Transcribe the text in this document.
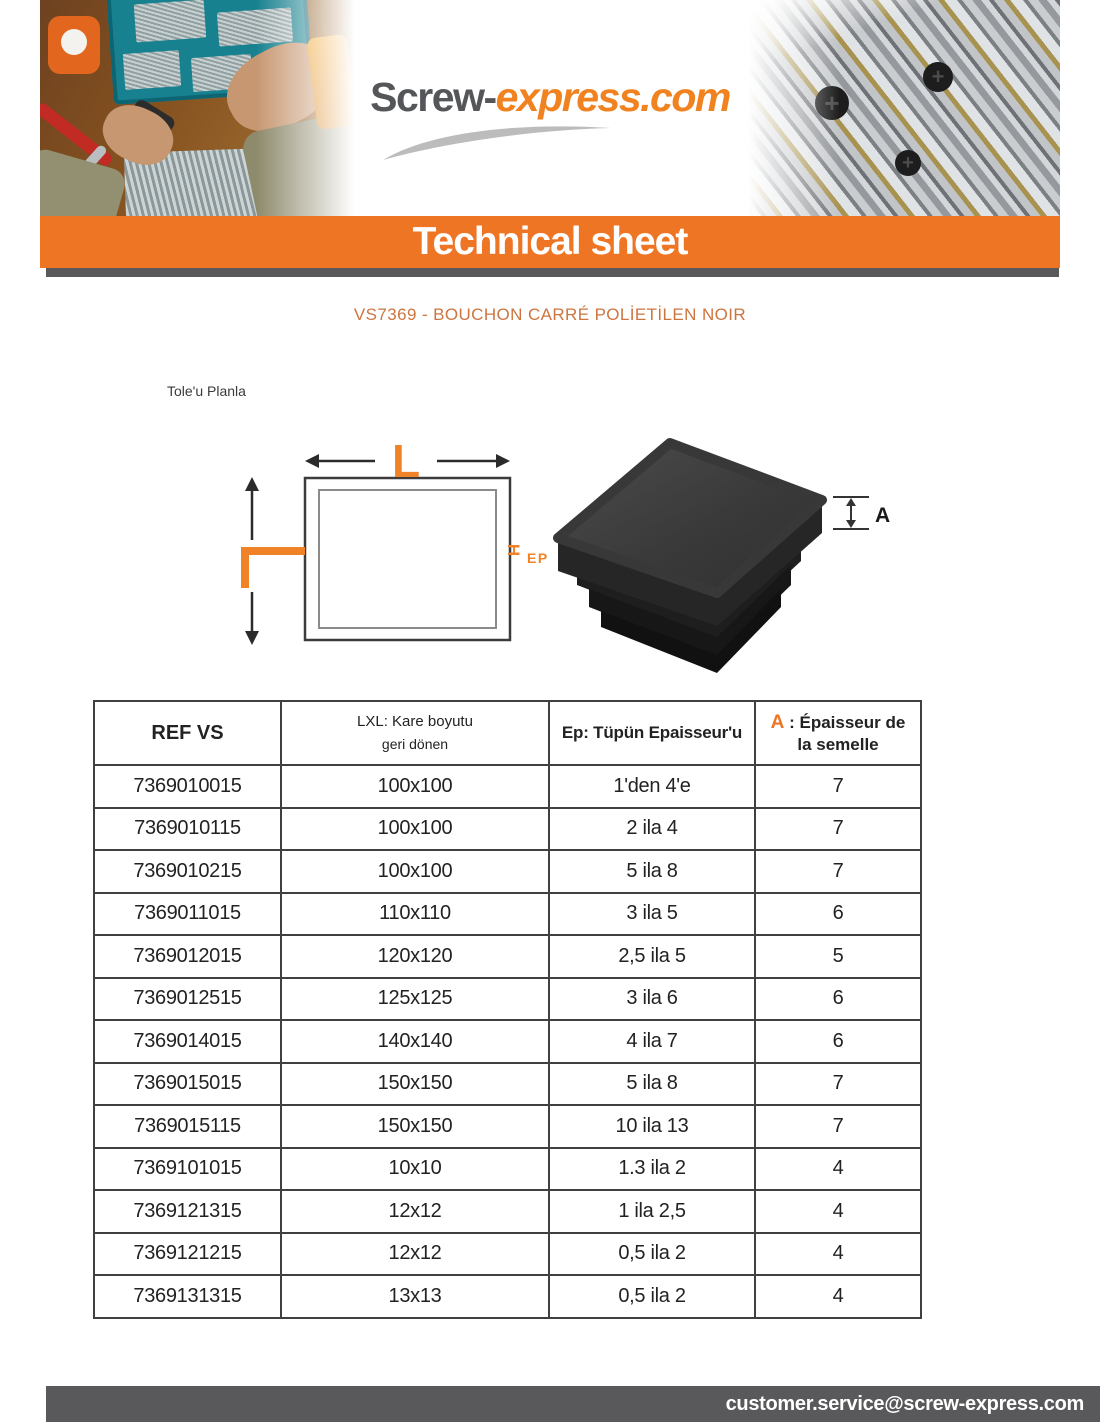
+
+
+
Screw-express.com
Technical sheet
VS7369 - BOUCHON CARRÉ POLİETİLEN NOIR
Tole'u Planla
L
H EP
A
REF VS	LXL: Kare boyutu
geri dönen	Ep: Tüpün Epaisseur'u	A : Épaisseur de la semelle
7369010015	100x100	1'den 4'e	7
7369010115	100x100	2 ila 4	7
7369010215	100x100	5 ila 8	7
7369011015	110x110	3 ila 5	6
7369012015	120x120	2,5 ila 5	5
7369012515	125x125	3 ila 6	6
7369014015	140x140	4 ila 7	6
7369015015	150x150	5 ila 8	7
7369015115	150x150	10 ila 13	7
7369101015	10x10	1.3 ila 2	4
7369121315	12x12	1 ila 2,5	4
7369121215	12x12	0,5 ila 2	4
7369131315	13x13	0,5 ila 2	4
customer.service@screw-express.com
